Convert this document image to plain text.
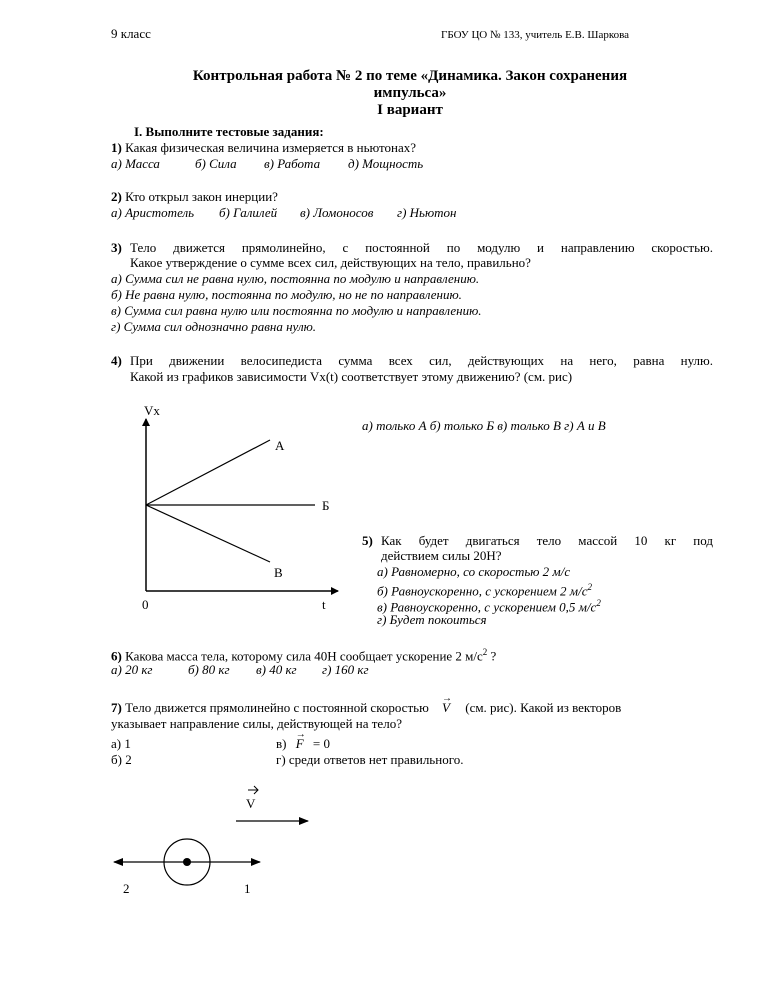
9 класс	ГБОУ ЦО № 133, учитель Е.В. Шаркова
Контрольная работа № 2 по теме «Динамика. Закон сохранения
импульса»
I вариант
I. Выполните тестовые задания:
1) Какая физическая величина измеряется в ньютонах?
а) Масса	б) Сила в) Работа д) Мощность
2) Кто открыл закон инерции?
а) Аристотель б) Галилей в) Ломоносов г) Ньютон
3) Тело движется прямолинейно, с постоянной по модулю и направлению скоростью.
Какое утверждение о сумме всех сил, действующих на тело, правильно?
а) Сумма сил не равна нулю, постоянна по модулю и направлению.
б) Не равна нулю, постоянна по модулю, но не по направлению.
в) Сумма сил равна нулю или постоянна по модулю и направлению.
г) Сумма сил однозначно равна нулю.
4) При движении велосипедиста сумма всех сил, действующих на него, равна нулю.
Какой из графиков зависимости Vx(t) соответствует этому движению? (см. рис)
а) только А б) только Б в) только В г) А и В
Vx
t
0
А
Б
В
5) Как будет двигаться тело массой 10 кг под
действием силы 20Н?
а) Равномерно, со скоростью 2 м/с
б) Равноускоренно, с ускорением 2 $м/с^2$
в) Равноускоренно, с ускорением 0,5 $м/с^2$
г) Будет покоиться
6) Какова масса тела, которому сила 40Н сообщает ускорение 2 $м/с^2$ ?
а) 20 кг	б) 80 кг в) 40 кг г) 160 кг
7) Тело движется прямолинейно с постоянной скоростью
→
V (см. рис). Какой из векторов
указывает направление силы, действующей на тело?
а) 1
б) 2
в)
→
F = 0
г) среди ответов нет правильного.
V
2	1
